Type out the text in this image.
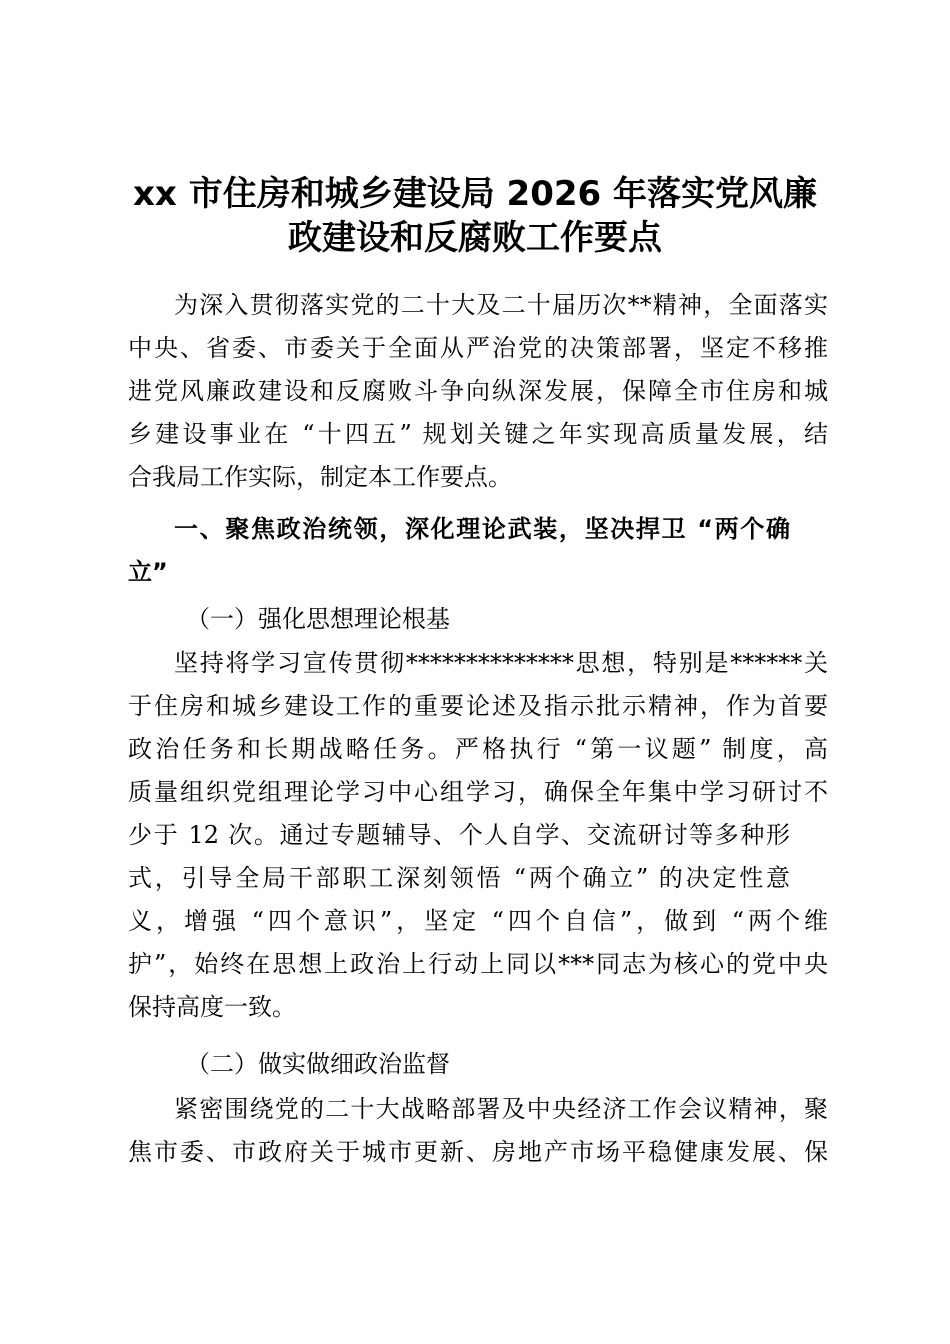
xx 市住房和城乡建设局 2026 年落实党风廉
政建设和反腐败工作要点
为深入贯彻落实党的二十大及二十届历次**精神，全面落实
中央、省委、市委关于全面从严治党的决策部署，坚定不移推
进党风廉政建设和反腐败斗争向纵深发展，保障全市住房和城
乡建设事业在 “十四五” 规划关键之年实现高质量发展，结
合我局工作实际，制定本工作要点。
一、聚焦政治统领，深化理论武装，坚决捍卫 “两个确
立”
（一）强化思想理论根基
坚持将学习宣传贯彻**************思想，特别是******关
于住房和城乡建设工作的重要论述及指示批示精神，作为首要
政治任务和长期战略任务。严格执行 “第一议题” 制度，高
质量组织党组理论学习中心组学习，确保全年集中学习研讨不
少于 12 次。通过专题辅导、个人自学、交流研讨等多种形
式，引导全局干部职工深刻领悟 “两个确立” 的决定性意
义，增强 “四个意识”，坚定 “四个自信”，做到 “两个维
护”，始终在思想上政治上行动上同以***同志为核心的党中央
保持高度一致。
（二）做实做细政治监督
紧密围绕党的二十大战略部署及中央经济工作会议精神，聚
焦市委、市政府关于城市更新、房地产市场平稳健康发展、保
